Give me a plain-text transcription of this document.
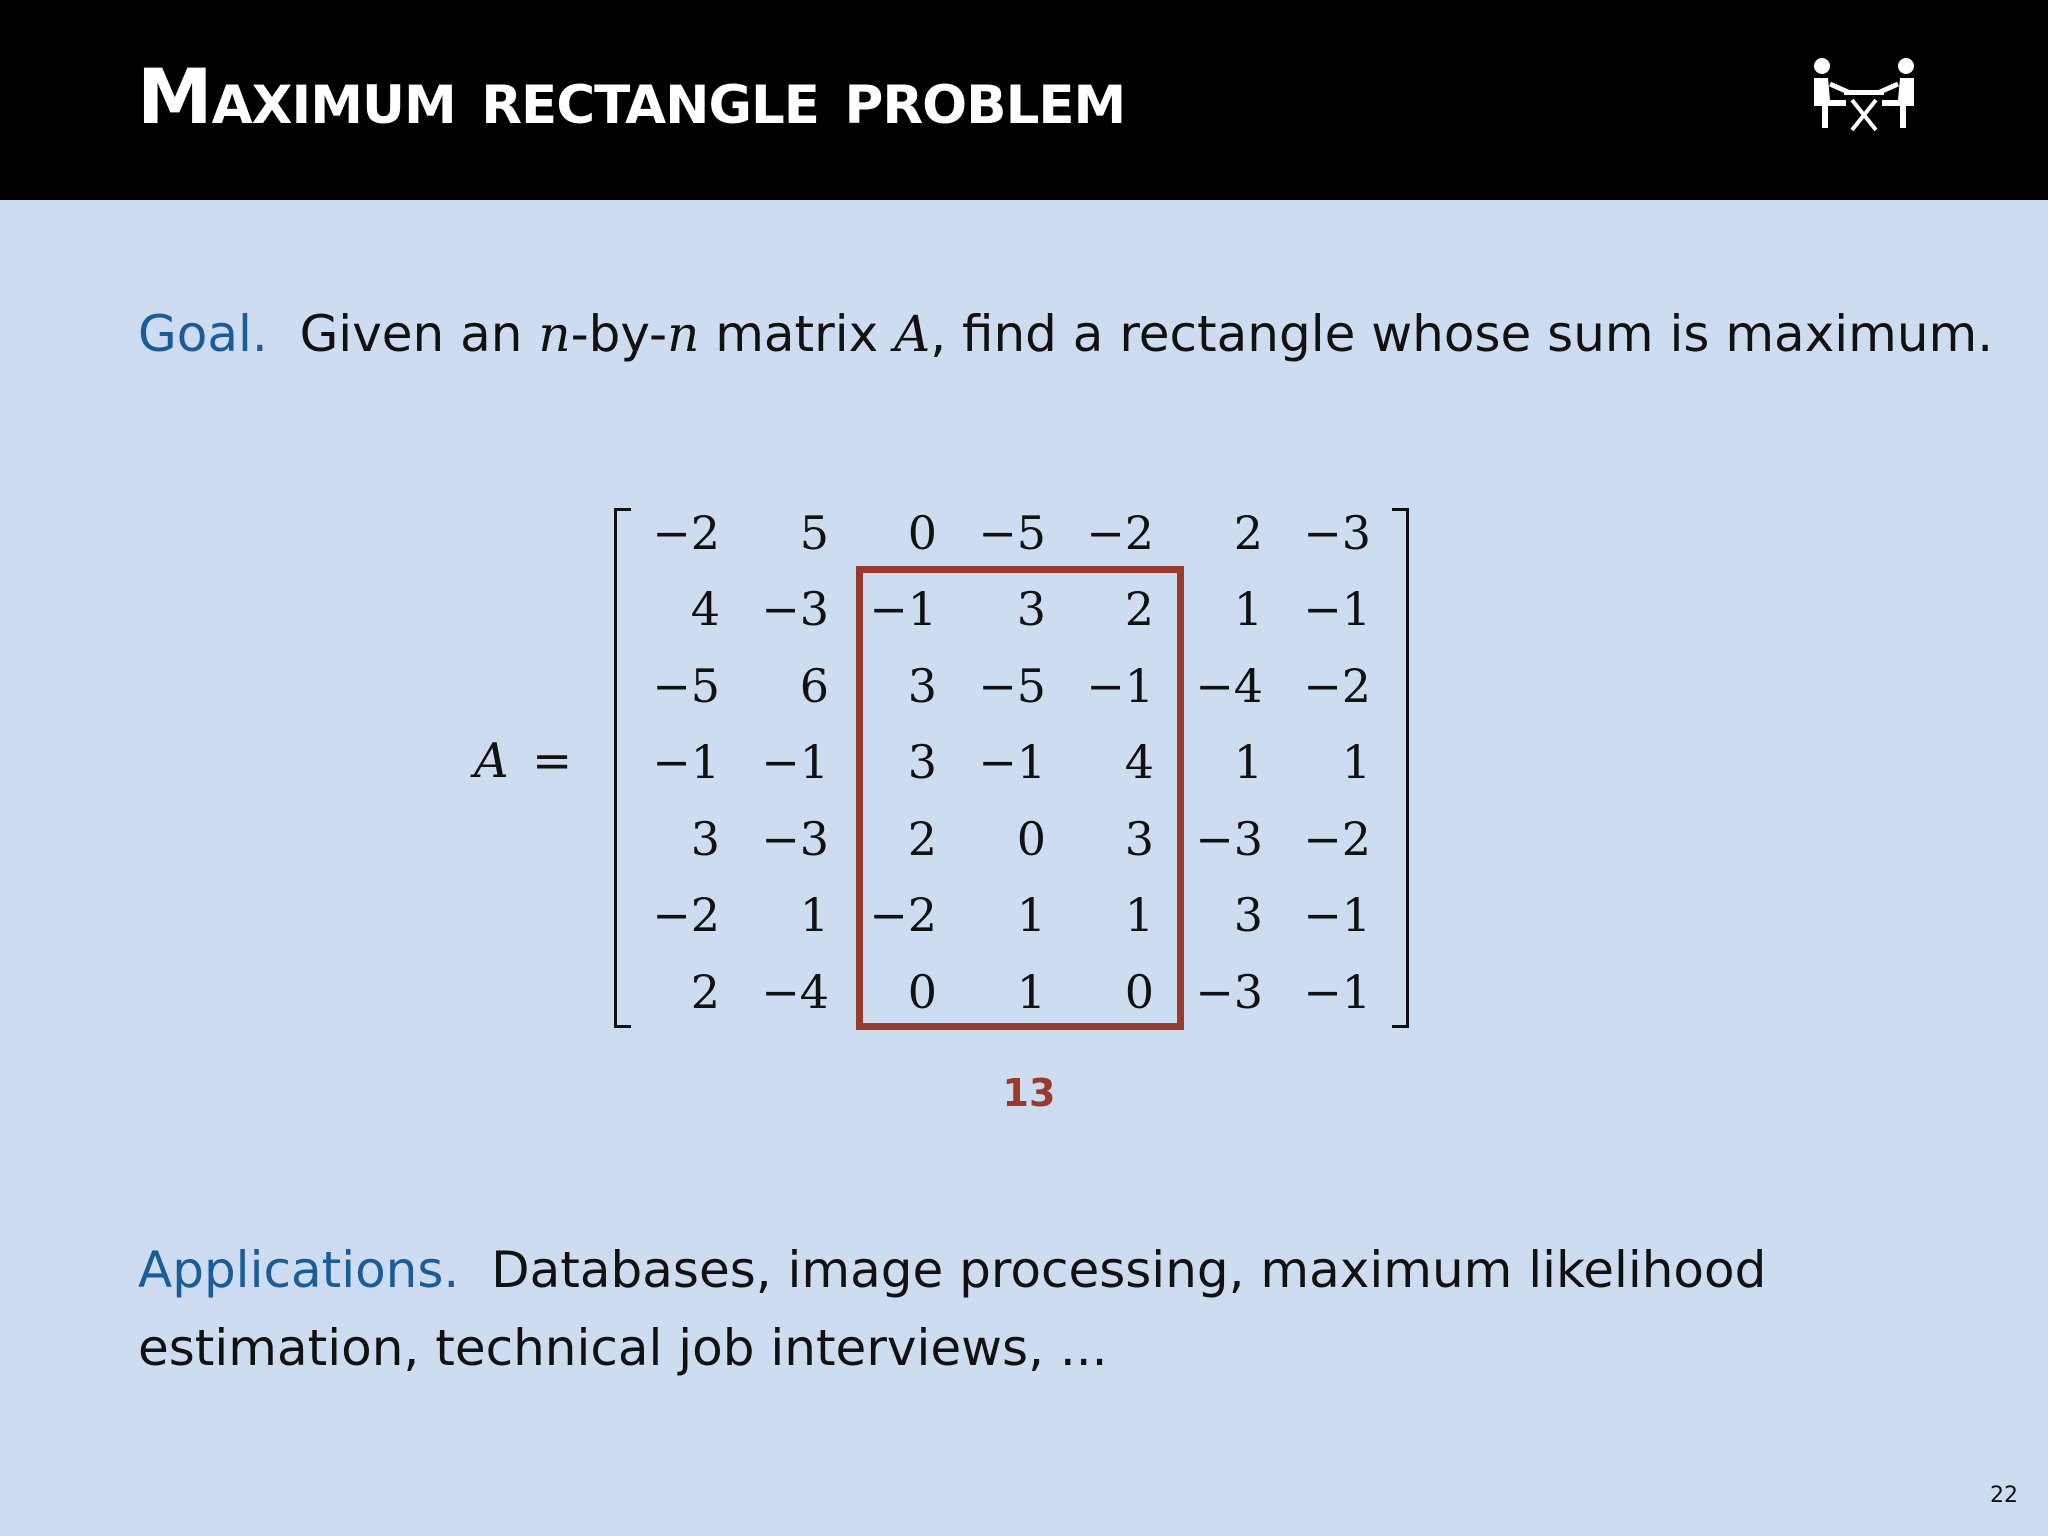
Maximum rectangle problem

Goal. Given an n-by-n matrix A, find a rectangle whose sum is maximum.

A =
13
−2	5	0 −5 −2	2 −3
4 −3 −1	3	2	1 −1
−5	6	3 −5 −1 −4 −2
−1 −1	3 −1	4	1	1
3 −3	2	0	3 −3 −2
−2	1 −2	1	1	3 −1
2 −4	0	1	0 −3 −1

Applications. Databases, image processing, maximum likelihood

estimation, technical job interviews, ...

22
